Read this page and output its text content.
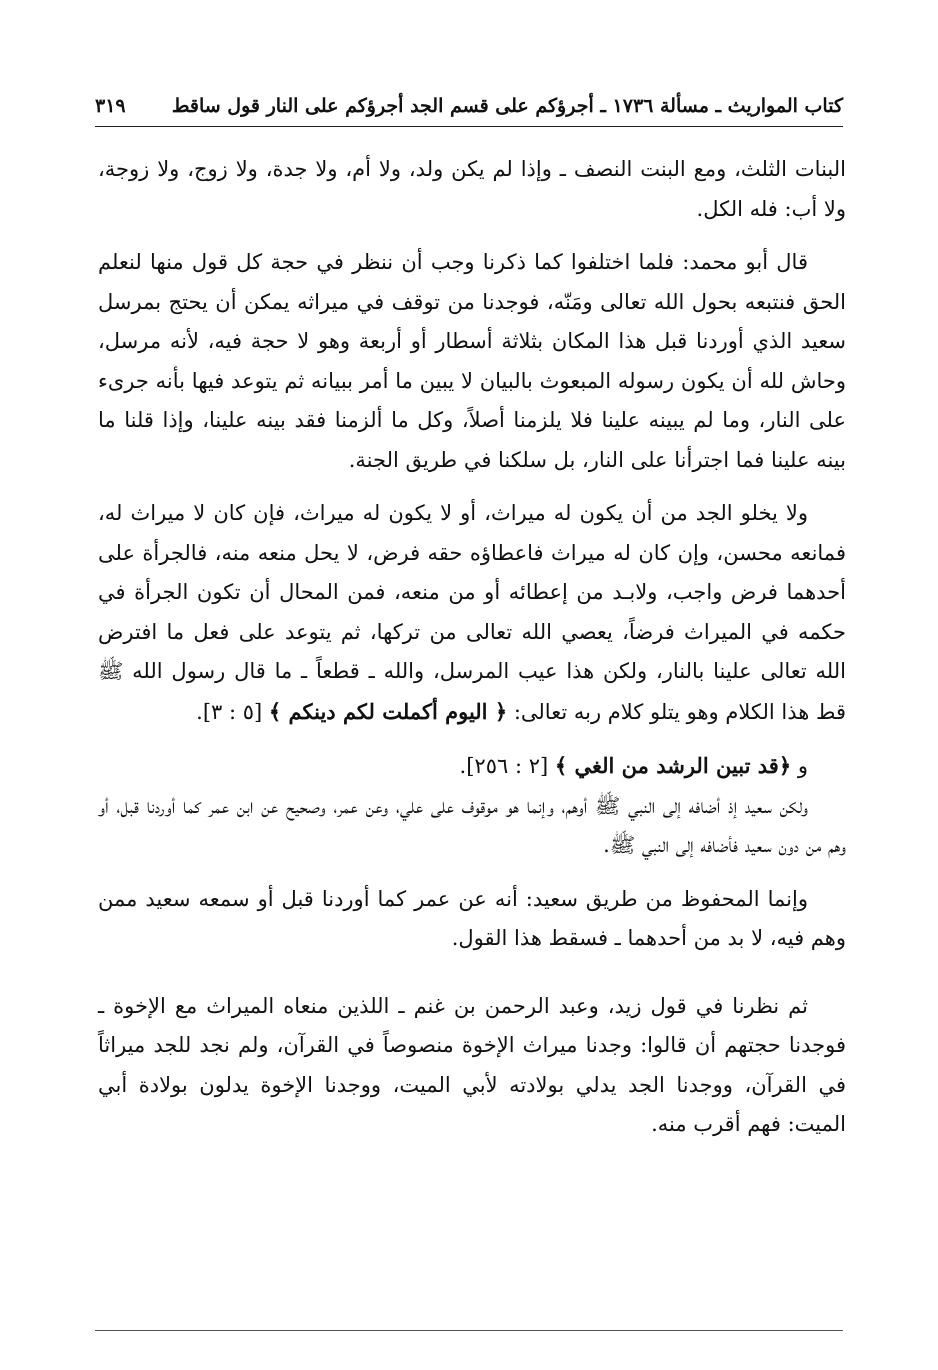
كتاب المواريث ـ مسألة ١٧٣٦ ـ أجرؤكم على قسم الجد أجرؤكم على النار قول ساقط
٣١٩

البنات الثلث، ومع البنت النصف ـ وإذا لم يكن ولد، ولا أم، ولا جدة، ولا زوج، ولا زوجة، ولا أب: فله الكل.

قال أبو محمد: فلما اختلفوا كما ذكرنا وجب أن ننظر في حجة كل قول منها لنعلم الحق فنتبعه بحول الله تعالى ومَنّه، فوجدنا من توقف في ميراثه يمكن أن يحتج بمرسل سعيد الذي أوردنا قبل هذا المكان بثلاثة أسطار أو أربعة وهو لا حجة فيه، لأنه مرسل، وحاش لله أن يكون رسوله المبعوث بالبيان لا يبين ما أمر ببيانه ثم يتوعد فيها بأنه جرىء على النار، وما لم يبينه علينا فلا يلزمنا أصلاً، وكل ما ألزمنا فقد بينه علينا، وإذا قلنا ما بينه علينا فما اجترأنا على النار، بل سلكنا في طريق الجنة.

ولا يخلو الجد من أن يكون له ميراث، أو لا يكون له ميراث، فإن كان لا ميراث له، فمانعه محسن، وإن كان له ميراث فاعطاؤه حقه فرض، لا يحل منعه منه، فالجرأة على أحدهما فرض واجب، ولابـد من إعطائه أو من منعه، فمن المحال أن تكون الجرأة في حكمه في الميراث فرضاً، يعصي الله تعالى من تركها، ثم يتوعد على فعل ما افترض الله تعالى علينا بالنار، ولكن هذا عيب المرسل، والله ـ قطعاً ـ ما قال رسول الله ﷺ قط هذا الكلام وهو يتلو كلام ربه تعالى: ﴿ اليوم أكملت لكم دينكم ﴾ [٥ : ٣].

و ﴿قد تبين الرشد من الغي ﴾ [٢ : ٢٥٦].

ولكن سعيد إذ أضافه إلى النبي ﷺ أوهم، وإنما هو موقوف على علي، وعن عمر، وصحيح عن ابن عمر كما أوردنا قبل، أو وهم من دون سعيد فأضافه إلى النبي ﷺ.

وإنما المحفوظ من طريق سعيد: أنه عن عمر كما أوردنا قبل أو سمعه سعيد ممن وهم فيه، لا بد من أحدهما ـ فسقط هذا القول.

ثم نظرنا في قول زيد، وعبد الرحمن بن غنم ـ اللذين منعاه الميراث مع الإخوة ـ فوجدنا حجتهم أن قالوا: وجدنا ميراث الإخوة منصوصاً في القرآن، ولم نجد للجد ميراثاً في القرآن، ووجدنا الجد يدلي بولادته لأبي الميت، ووجدنا الإخوة يدلون بولادة أبي الميت: فهم أقرب منه.
